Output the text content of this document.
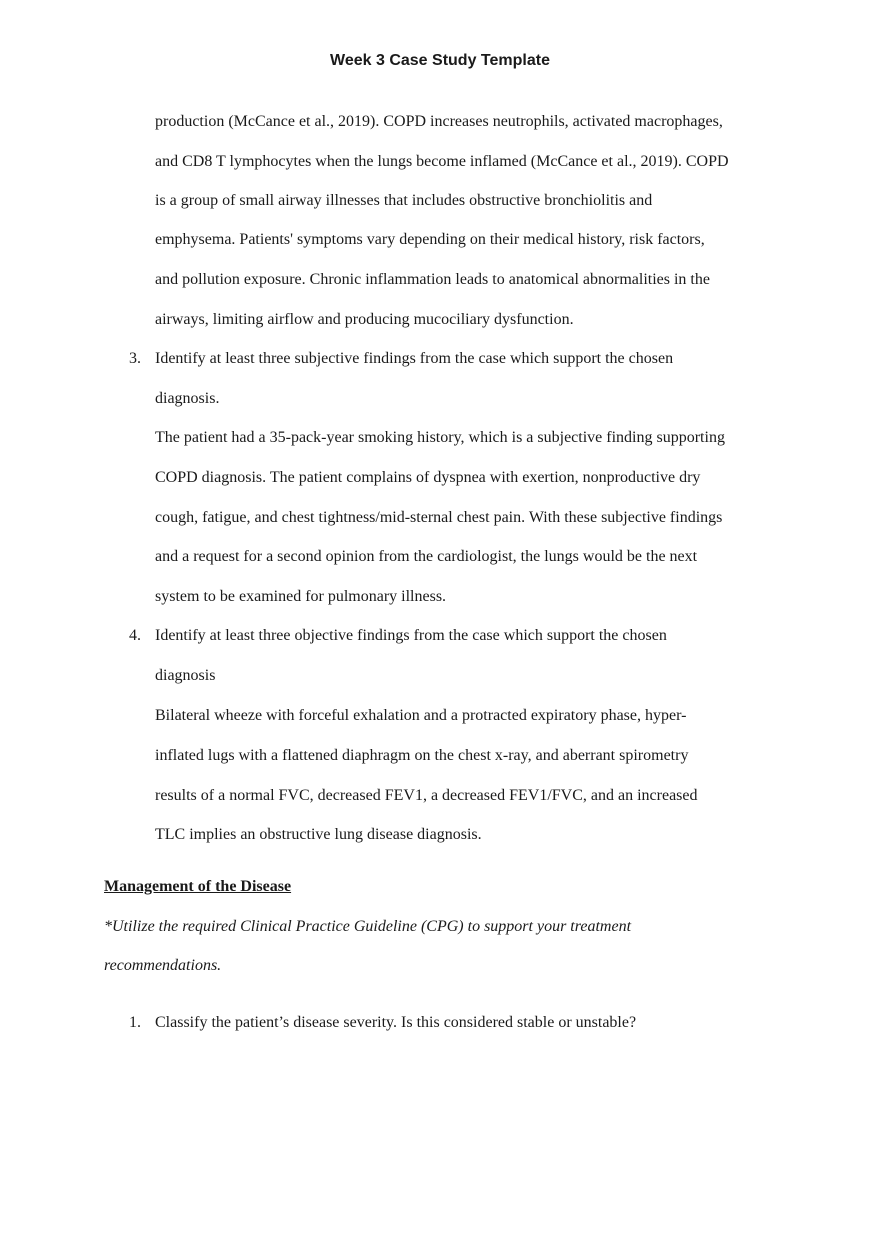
Week 3 Case Study Template
production (McCance et al., 2019). COPD increases neutrophils, activated macrophages,
and CD8 T lymphocytes when the lungs become inflamed (McCance et al., 2019). COPD
is a group of small airway illnesses that includes obstructive bronchiolitis and
emphysema. Patients' symptoms vary depending on their medical history, risk factors,
and pollution exposure. Chronic inflammation leads to anatomical abnormalities in the
airways, limiting airflow and producing mucociliary dysfunction.
3. Identify at least three subjective findings from the case which support the chosen
diagnosis.
The patient had a 35-pack-year smoking history, which is a subjective finding supporting
COPD diagnosis. The patient complains of dyspnea with exertion, nonproductive dry
cough, fatigue, and chest tightness/mid-sternal chest pain. With these subjective findings
and a request for a second opinion from the cardiologist, the lungs would be the next
system to be examined for pulmonary illness.
4. Identify at least three objective findings from the case which support the chosen
diagnosis
Bilateral wheeze with forceful exhalation and a protracted expiratory phase, hyper-
inflated lugs with a flattened diaphragm on the chest x-ray, and aberrant spirometry
results of a normal FVC, decreased FEV1, a decreased FEV1/FVC, and an increased
TLC implies an obstructive lung disease diagnosis.
Management of the Disease
*Utilize the required Clinical Practice Guideline (CPG) to support your treatment
recommendations.
1. Classify the patient’s disease severity. Is this considered stable or unstable?
